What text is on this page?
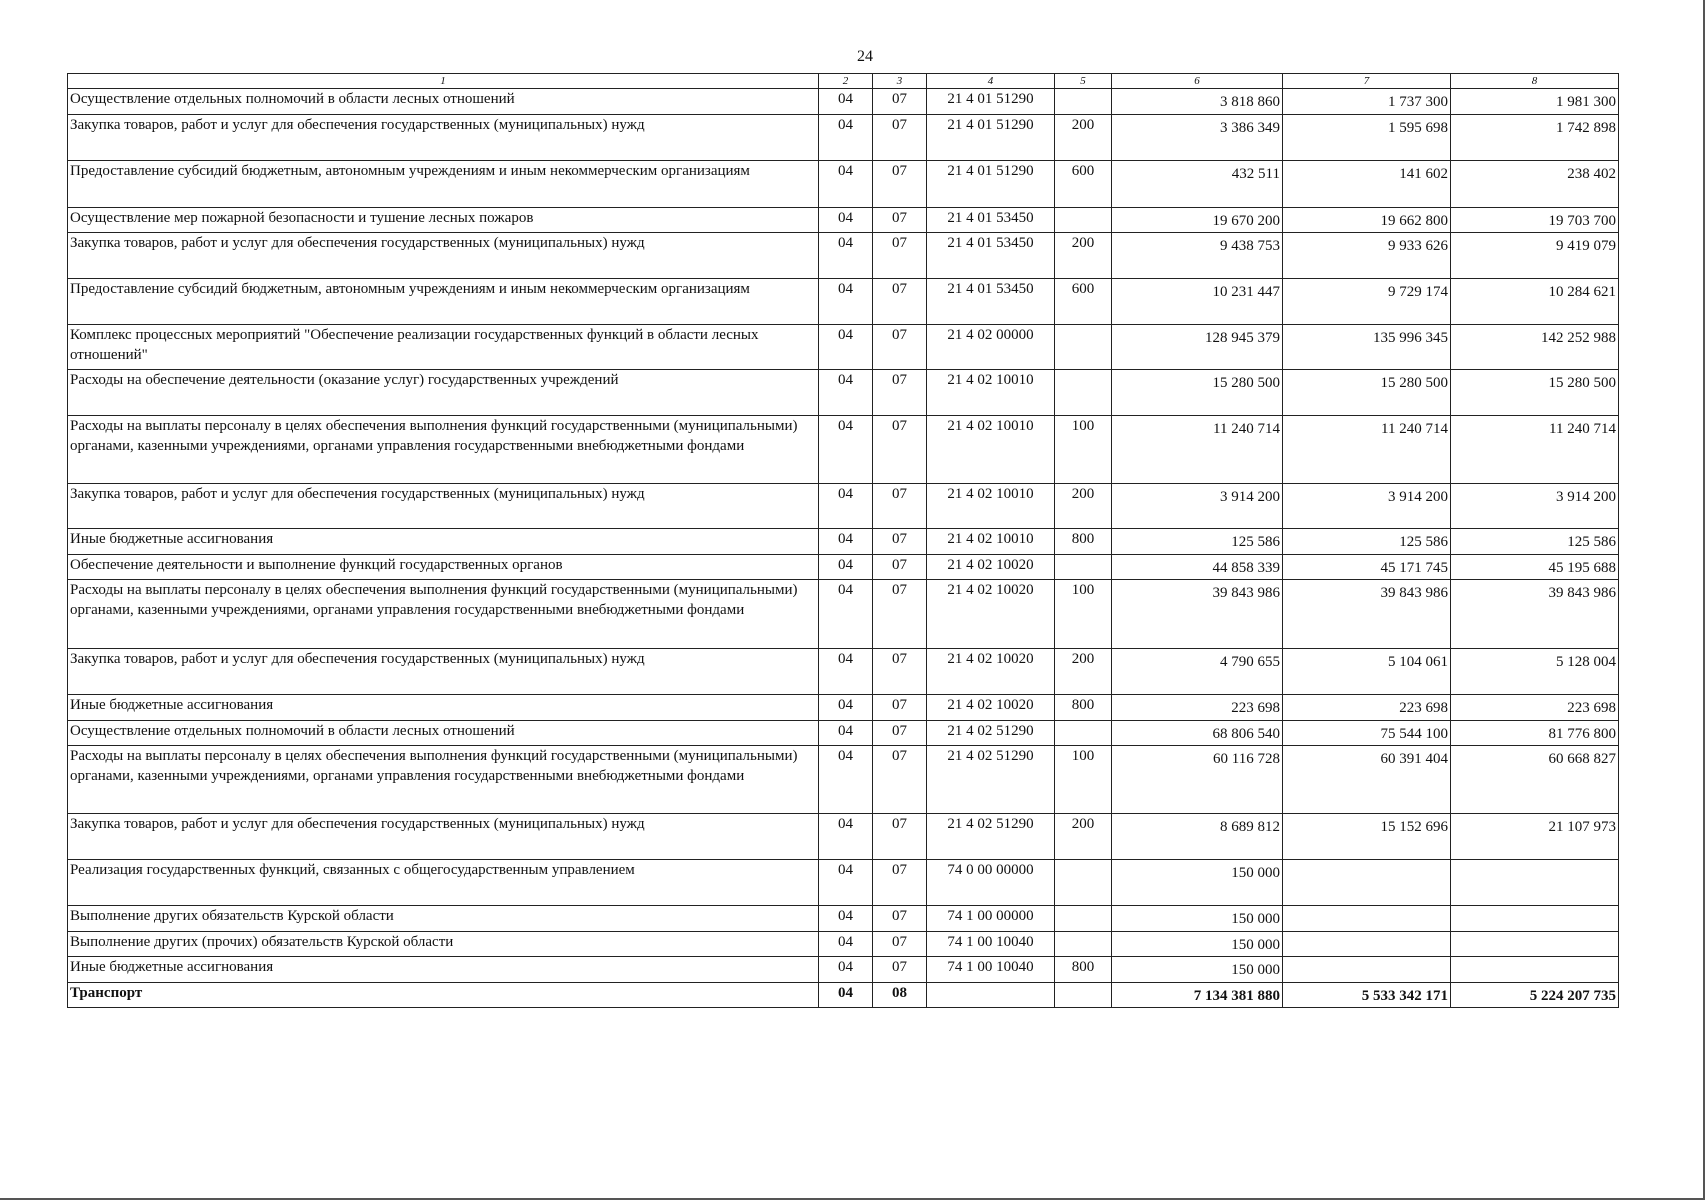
24
1	2	3	4	5	6	7	8
Осуществление отдельных полномочий в области лесных отношений	04	07	21 4 01 51290		3 818 860	1 737 300	1 981 300
Закупка товаров, работ и услуг для обеспечения государственных (муниципальных) нужд	04	07	21 4 01 51290	200	3 386 349	1 595 698	1 742 898
Предоставление субсидий бюджетным, автономным учреждениям и иным некоммерческим организациям	04	07	21 4 01 51290	600	432 511	141 602	238 402
Осуществление мер пожарной безопасности и тушение лесных пожаров	04	07	21 4 01 53450		19 670 200	19 662 800	19 703 700
Закупка товаров, работ и услуг для обеспечения государственных (муниципальных) нужд	04	07	21 4 01 53450	200	9 438 753	9 933 626	9 419 079
Предоставление субсидий бюджетным, автономным учреждениям и иным некоммерческим организациям	04	07	21 4 01 53450	600	10 231 447	9 729 174	10 284 621
Комплекс процессных мероприятий "Обеспечение реализации государственных функций в области лесных отношений"	04	07	21 4 02 00000		128 945 379	135 996 345	142 252 988
Расходы на обеспечение деятельности (оказание услуг) государственных учреждений	04	07	21 4 02 10010		15 280 500	15 280 500	15 280 500
Расходы на выплаты персоналу в целях обеспечения выполнения функций государственными (муниципальными) органами, казенными учреждениями, органами управления государственными внебюджетными фондами	04	07	21 4 02 10010	100	11 240 714	11 240 714	11 240 714
Закупка товаров, работ и услуг для обеспечения государственных (муниципальных) нужд	04	07	21 4 02 10010	200	3 914 200	3 914 200	3 914 200
Иные бюджетные ассигнования	04	07	21 4 02 10010	800	125 586	125 586	125 586
Обеспечение деятельности и выполнение функций государственных органов	04	07	21 4 02 10020		44 858 339	45 171 745	45 195 688
Расходы на выплаты персоналу в целях обеспечения выполнения функций государственными (муниципальными) органами, казенными учреждениями, органами управления государственными внебюджетными фондами	04	07	21 4 02 10020	100	39 843 986	39 843 986	39 843 986
Закупка товаров, работ и услуг для обеспечения государственных (муниципальных) нужд	04	07	21 4 02 10020	200	4 790 655	5 104 061	5 128 004
Иные бюджетные ассигнования	04	07	21 4 02 10020	800	223 698	223 698	223 698
Осуществление отдельных полномочий в области лесных отношений	04	07	21 4 02 51290		68 806 540	75 544 100	81 776 800
Расходы на выплаты персоналу в целях обеспечения выполнения функций государственными (муниципальными) органами, казенными учреждениями, органами управления государственными внебюджетными фондами	04	07	21 4 02 51290	100	60 116 728	60 391 404	60 668 827
Закупка товаров, работ и услуг для обеспечения государственных (муниципальных) нужд	04	07	21 4 02 51290	200	8 689 812	15 152 696	21 107 973
Реализация государственных функций, связанных с общегосударственным управлением	04	07	74 0 00 00000		150 000		
Выполнение других обязательств Курской области	04	07	74 1 00 00000		150 000		
Выполнение других (прочих) обязательств Курской области	04	07	74 1 00 10040		150 000		
Иные бюджетные ассигнования	04	07	74 1 00 10040	800	150 000		
Транспорт	04	08			7 134 381 880	5 533 342 171	5 224 207 735
